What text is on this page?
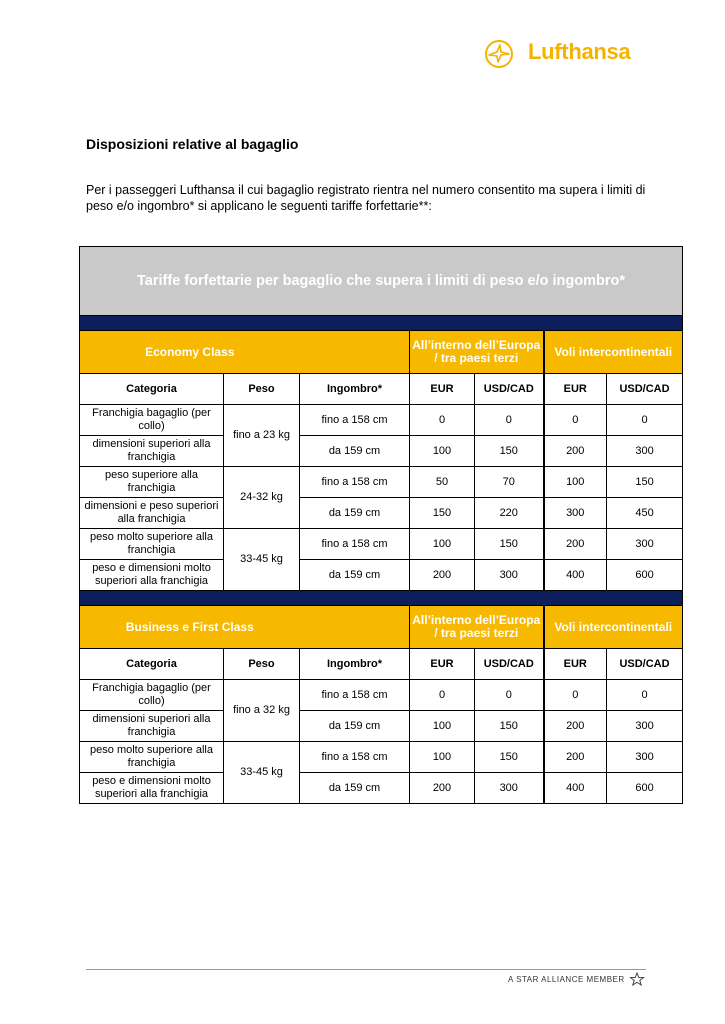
Lufthansa
Disposizioni relative al bagaglio
Per i passeggeri Lufthansa il cui bagaglio registrato rientra nel numero consentito ma supera i limiti di peso e/o ingombro* si applicano le seguenti tariffe forfettarie**:
Tariffe forfettarie per bagaglio che supera i limiti di peso e/o ingombro*						

Economy Class			All’interno dell’Europa / tra paesi terzi		Voli intercontinentali	
Categoria	Peso	Ingombro*	EUR	USD/CAD	EUR	USD/CAD
Franchigia bagaglio (per collo)	fino a 23 kg	fino a 158 cm	0	0	0	0
dimensioni superiori alla franchigia		da 159 cm	100	150	200	300
peso superiore alla franchigia	24-32 kg	fino a 158 cm	50	70	100	150
dimensioni e peso superiori alla franchigia		da 159 cm	150	220	300	450
peso molto superiore alla franchigia	33-45 kg	fino a 158 cm	100	150	200	300
peso e dimensioni molto superiori alla franchigia		da 159 cm	200	300	400	600

Business e First Class			All’interno dell’Europa / tra paesi terzi		Voli intercontinentali	
Categoria	Peso	Ingombro*	EUR	USD/CAD	EUR	USD/CAD
Franchigia bagaglio (per collo)	fino a 32 kg	fino a 158 cm	0	0	0	0
dimensioni superiori alla franchigia		da 159 cm	100	150	200	300
peso molto superiore alla franchigia	33-45 kg	fino a 158 cm	100	150	200	300
peso e dimensioni molto superiori alla franchigia		da 159 cm	200	300	400	600
A STAR ALLIANCE MEMBER
